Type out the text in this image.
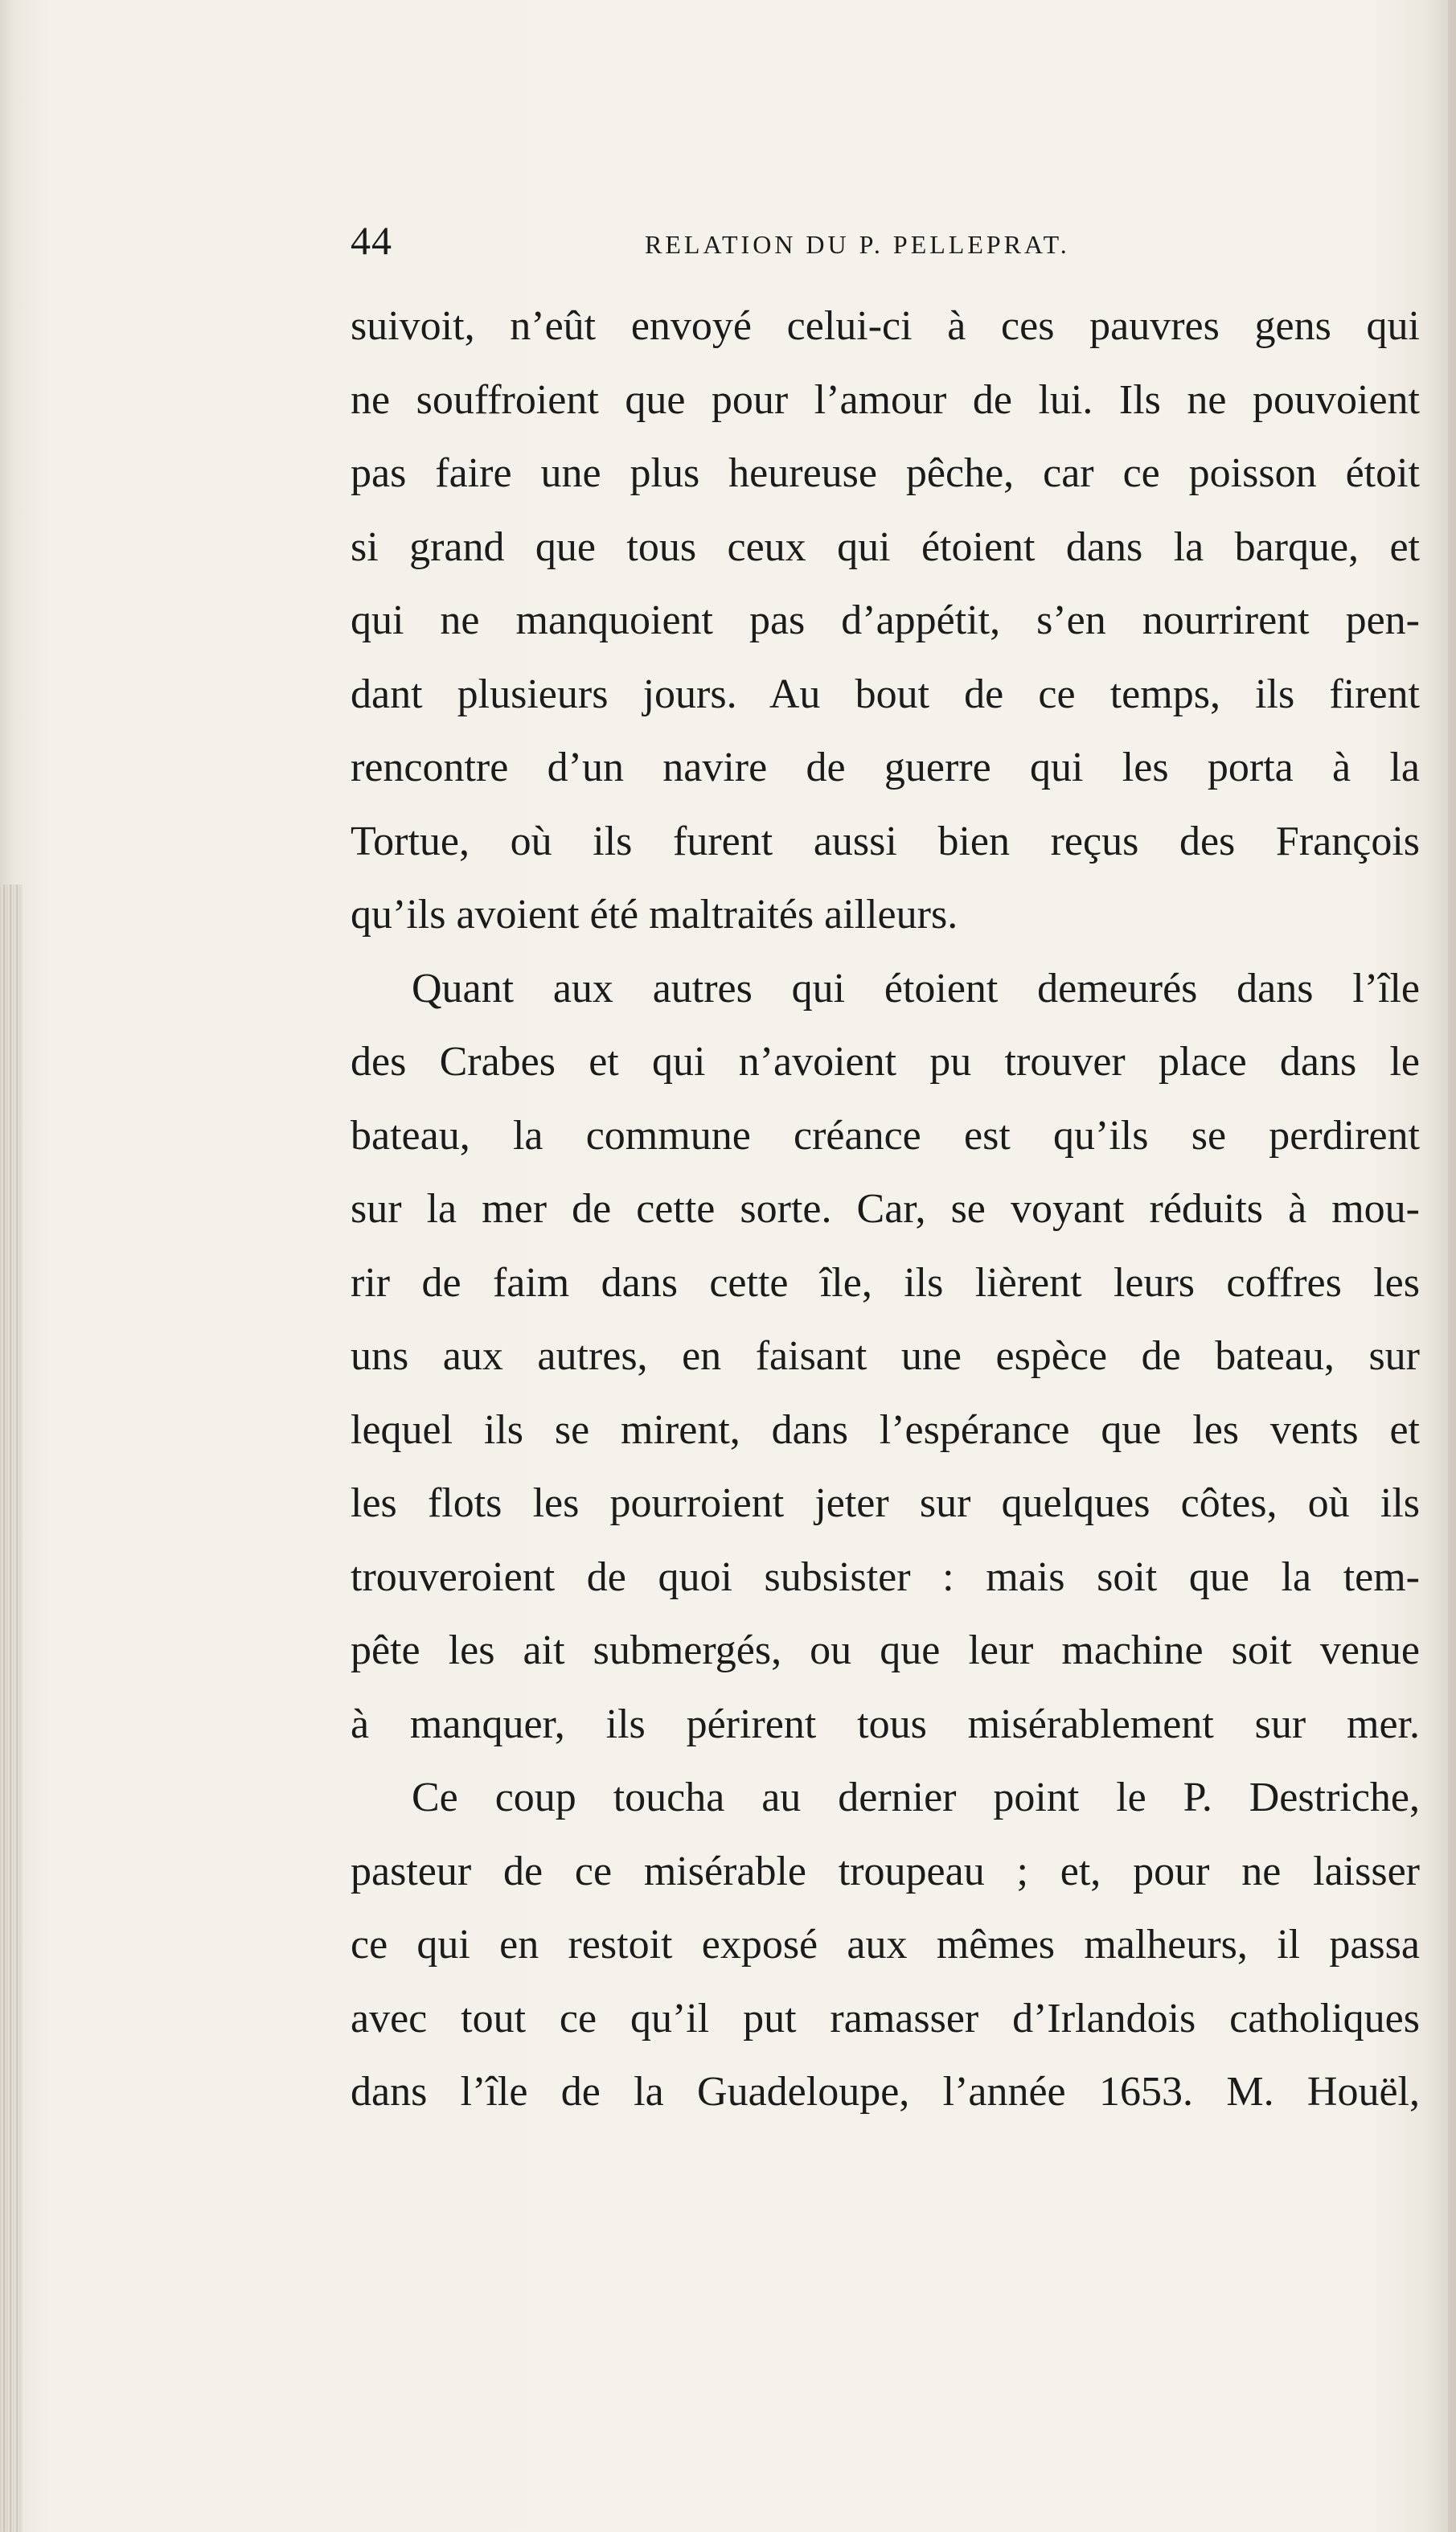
44	RELATION DU P. PELLEPRAT.
suivoit, n’eût envoyé celui-ci à ces pauvres gens qui
ne souffroient que pour l’amour de lui. Ils ne pouvoient
pas faire une plus heureuse pêche, car ce poisson étoit
si grand que tous ceux qui étoient dans la barque, et
qui ne manquoient pas d’appétit, s’en nourrirent pen-
dant plusieurs jours. Au bout de ce temps, ils firent
rencontre d’un navire de guerre qui les porta à la
Tortue, où ils furent aussi bien reçus des François
qu’ils avoient été maltraités ailleurs.
Quant aux autres qui étoient demeurés dans l’île
des Crabes et qui n’avoient pu trouver place dans le
bateau, la commune créance est qu’ils se perdirent
sur la mer de cette sorte. Car, se voyant réduits à mou-
rir de faim dans cette île, ils lièrent leurs coffres les
uns aux autres, en faisant une espèce de bateau, sur
lequel ils se mirent, dans l’espérance que les vents et
les flots les pourroient jeter sur quelques côtes, où ils
trouveroient de quoi subsister : mais soit que la tem-
pête les ait submergés, ou que leur machine soit venue
à manquer, ils périrent tous misérablement sur mer.
Ce coup toucha au dernier point le P. Destriche,
pasteur de ce misérable troupeau ; et, pour ne laisser
ce qui en restoit exposé aux mêmes malheurs, il passa
avec tout ce qu’il put ramasser d’Irlandois catholiques
dans l’île de la Guadeloupe, l’année 1653. M. Houël,
